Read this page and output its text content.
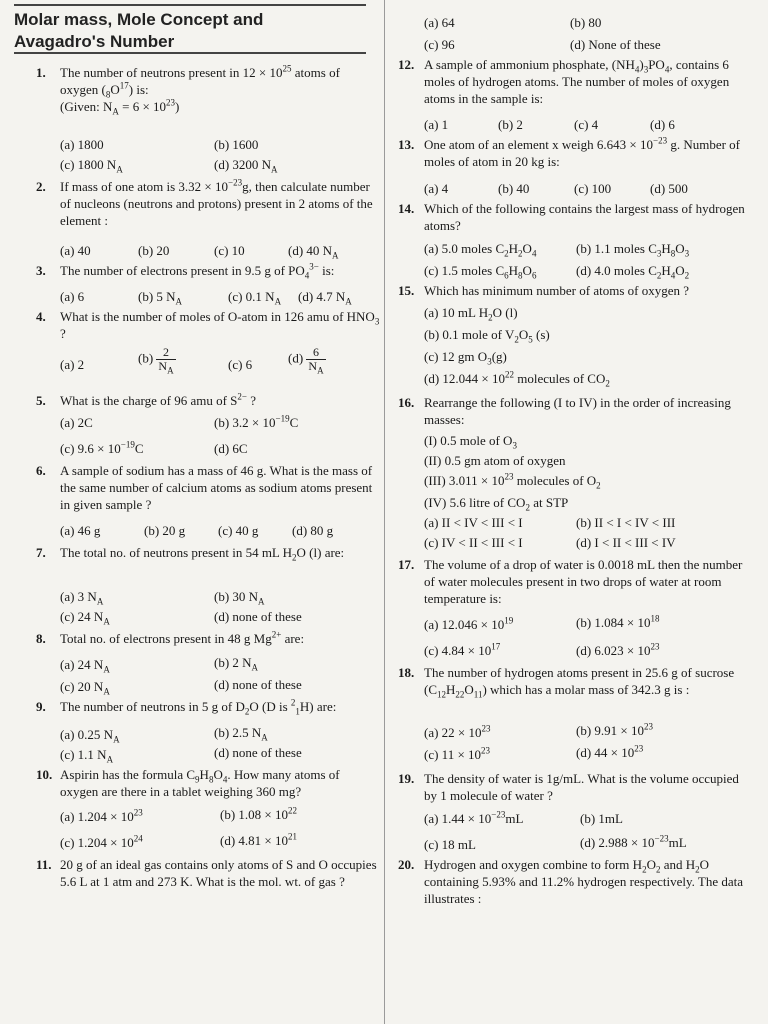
Molar mass, Mole Concept and
Avagadro's Number
1. The number of neutrons present in $12 \times 10^{25}$ atoms of oxygen $(_8O^{17})$ is:
(Given: $N_A = 6 \times 10^{23}$)
(a) 1800	(b) 1600
(c) 1800 $N_A$	(d) 3200 $N_A$
2. If mass of one atom is $3.32 \times 10^{-23}g$, then calculate number of nucleons (neutrons and protons) present in 2 atoms of the element :
(a) 40	(b) 20	(c) 10	(d) 40 $N_A$
3. The number of electrons present in 9.5 g of $PO_4^{3-}$ is:
(a) 6	(b) 5 $N_A$	(c) 0.1 $N_A$ (d) 4.7 $N_A$
4. What is the number of moles of O-atom in 126 amu of $HNO_3$ ?
(a) 2	$(b) \frac{2}{N_A}$	(c) 6	$(d) \frac{6}{N_A}$
5. What is the charge of 96 amu of $S^{2-}$ ?
(a) 2C	(b) $3.2 \times 10^{-19}C$
(c) $9.6 \times 10^{-19}C$	(d) 6C
6. A sample of sodium has a mass of 46 g. What is the mass of the same number of calcium atoms as sodium atoms present in given sample ?
(a) 46 g	(b) 20 g	(c) 40 g	(d) 80 g
7. The total no. of neutrons present in 54 mL $H_2O$ (l) are:
(a) 3 $N_A$	(b) 30 $N_A$
(c) 24 $N_A$	(d) none of these
8. Total no. of electrons present in 48 g $Mg^{2+}$ are:
(a) 24 $N_A$	(b) 2 $N_A$
(c) 20 $N_A$	(d) none of these
9. The number of neutrons in 5 g of $D_2O$ (D is $^2_1$H) are:
(a) 0.25 $N_A$	(b) 2.5 $N_A$
(c) 1.1 $N_A$	(d) none of these
10. Aspirin has the formula $C_9H_8O_4$. How many atoms of oxygen are there in a tablet weighing 360 mg?
(a) $1.204 \times 10^{23}$	(b) $1.08 \times 10^{22}$
(c) $1.204 \times 10^{24}$	(d) $4.81 \times 10^{21}$
11. 20 g of an ideal gas contains only atoms of S and O occupies 5.6 L at 1 atm and 273 K. What is the mol. wt. of gas ?
(a) 64	(b) 80
(c) 96	(d) None of these
12. A sample of ammonium phosphate, $(NH_4)_3PO_4$, contains 6 moles of hydrogen atoms. The number of moles of oxygen atoms in the sample is:
(a) 1	(b) 2	(c) 4	(d) 6
13. One atom of an element x weigh $6.643 \times 10^{-23}$ g. Number of moles of atom in 20 kg is:
(a) 4	(b) 40	(c) 100	(d) 500
14. Which of the following contains the largest mass of hydrogen atoms?
(a) 5.0 moles $C_2H_2O_4$	(b) 1.1 moles $C_3H_8O_3$
(c) 1.5 moles $C_6H_8O_6$	(d) 4.0 moles $C_2H_4O_2$
15. Which has minimum number of atoms of oxygen ?
(a) 10 mL $H_2O$ (l)
(b) 0.1 mole of $V_2O_5$ (s)
(c) 12 gm $O_3(g)$
(d) $12.044 \times 10^{22}$ molecules of $CO_2$
16. Rearrange the following (I to IV) in the order of increasing masses:
(I) 0.5 mole of $O_3$
(II) 0.5 gm atom of oxygen
(III) $3.011 \times 10^{23}$ molecules of $O_2$
(IV) 5.6 litre of $CO_2$ at STP
(a) II < IV < III < I	(b) II < I < IV < III
(c) IV < II < III < I	(d) I < II < III < IV
17. The volume of a drop of water is 0.0018 mL then the number of water molecules present in two drops of water at room temperature is:
(a) $12.046 \times 10^{19}$	(b) $1.084 \times 10^{18}$
(c) $4.84 \times 10^{17}$	(d) $6.023 \times 10^{23}$
18. The number of hydrogen atoms present in 25.6 g of sucrose $(C_{12}H_{22}O_{11})$ which has a molar mass of 342.3 g is :
(a) $22 \times 10^{23}$	(b) $9.91 \times 10^{23}$
(c) $11 \times 10^{23}$	(d) $44 \times 10^{23}$
19. The density of water is 1g/mL. What is the volume occupied by 1 molecule of water ?
(a) $1.44 \times 10^{-23}mL$	(b) 1mL
(c) 18 mL	(d) $2.988 \times 10^{-23}mL$
20. Hydrogen and oxygen combine to form $H_2O_2$ and $H_2O$ containing 5.93% and 11.2% hydrogen respectively. The data illustrates :
